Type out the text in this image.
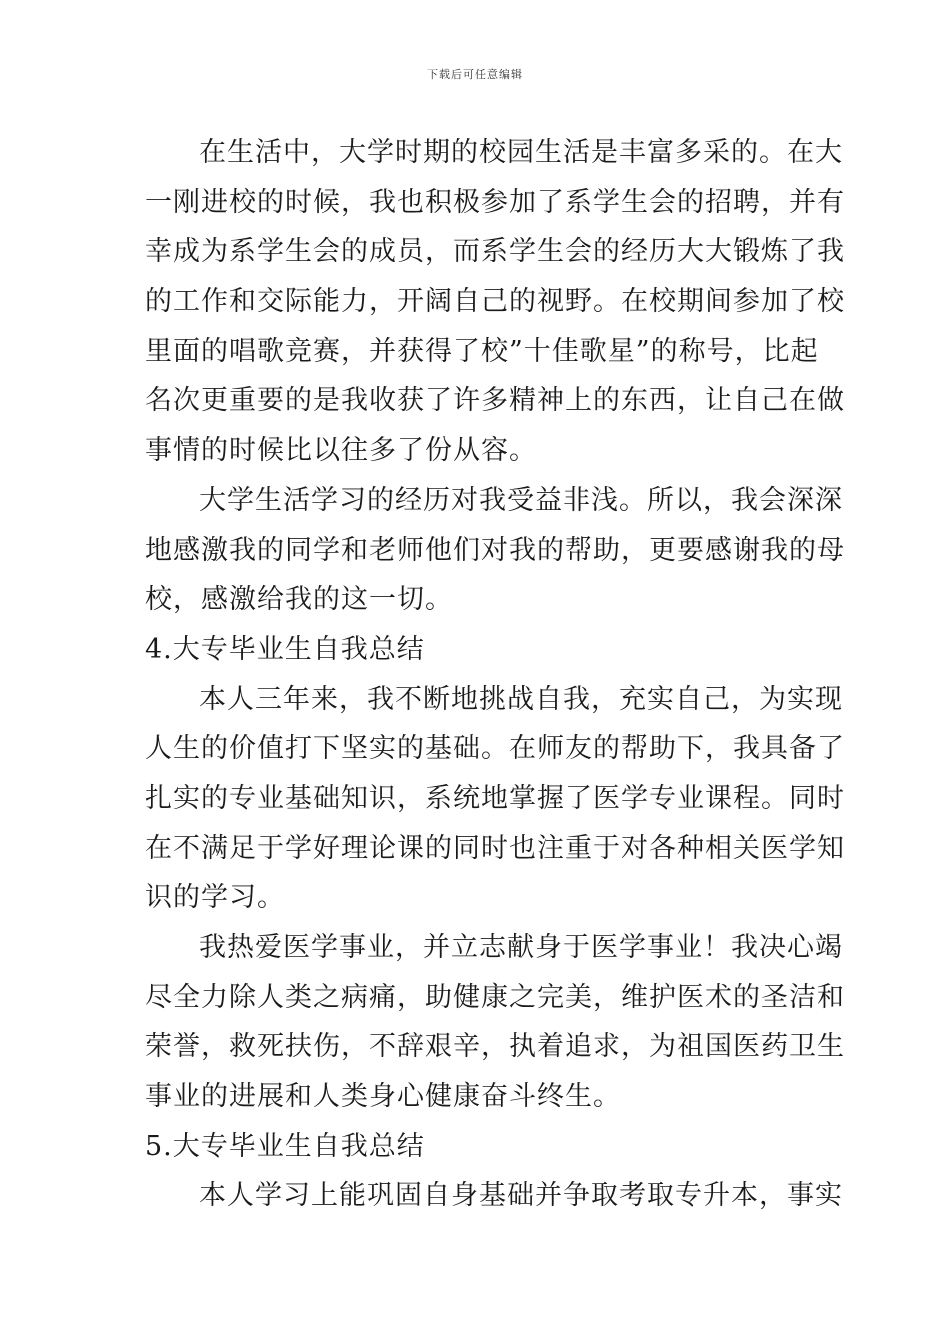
下载后可任意编辑
在生活中，大学时期的校园生活是丰富多采的。在大
一刚进校的时候，我也积极参加了系学生会的招聘，并有
幸成为系学生会的成员，而系学生会的经历大大锻炼了我
的工作和交际能力，开阔自己的视野。在校期间参加了校
里面的唱歌竞赛，并获得了校”十佳歌星”的称号，比起
名次更重要的是我收获了许多精神上的东西，让自己在做
事情的时候比以往多了份从容。
大学生活学习的经历对我受益非浅。所以，我会深深
地感激我的同学和老师他们对我的帮助，更要感谢我的母
校，感激给我的这一切。
4.大专毕业生自我总结
本人三年来，我不断地挑战自我，充实自己，为实现
人生的价值打下坚实的基础。在师友的帮助下，我具备了
扎实的专业基础知识，系统地掌握了医学专业课程。同时
在不满足于学好理论课的同时也注重于对各种相关医学知
识的学习。
我热爱医学事业，并立志献身于医学事业！我决心竭
尽全力除人类之病痛，助健康之完美，维护医术的圣洁和
荣誉，救死扶伤，不辞艰辛，执着追求，为祖国医药卫生
事业的进展和人类身心健康奋斗终生。
5.大专毕业生自我总结
本人学习上能巩固自身基础并争取考取专升本，事实
